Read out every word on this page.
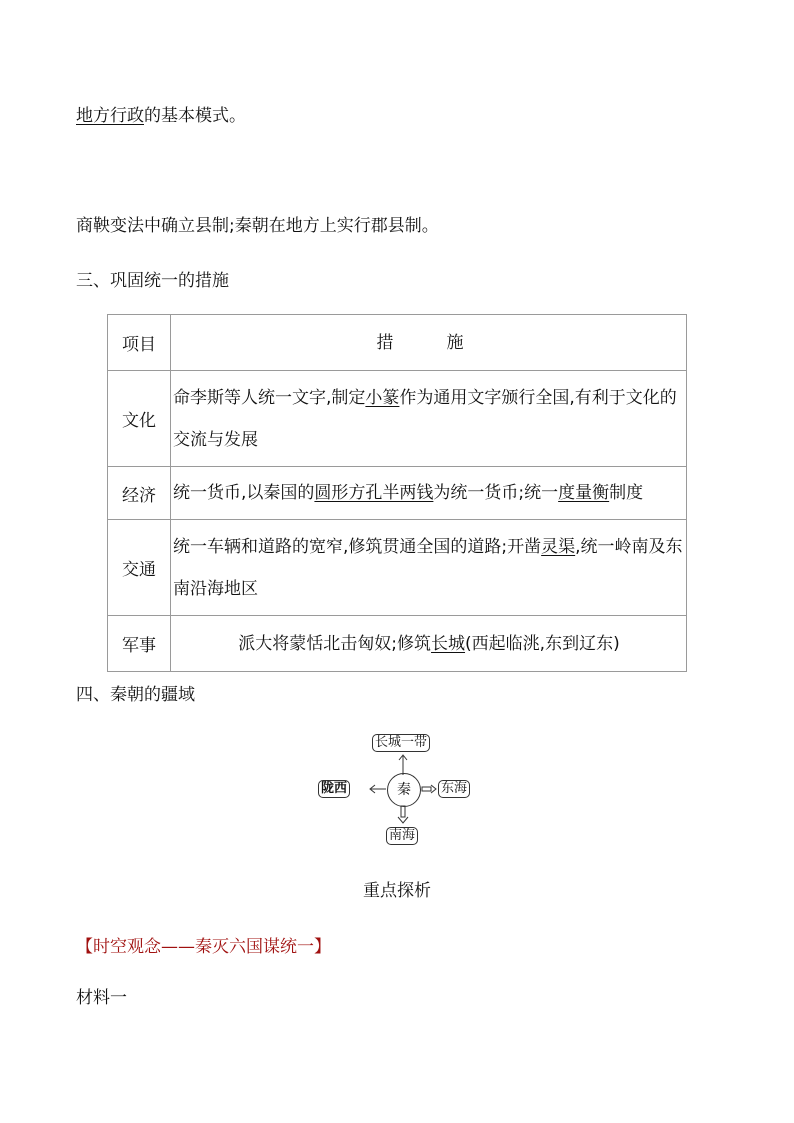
地方行政的基本模式。
商鞅变法中确立县制;秦朝在地方上实行郡县制。
三、巩固统一的措施
项目	措　施
文化	命李斯等人统一文字,制定小篆作为通用文字颁行全国,有利于文化的交流与发展
经济	统一货币,以秦国的圆形方孔半两钱为统一货币;统一度量衡制度
交通	统一车辆和道路的宽窄,修筑贯通全国的道路;开凿灵渠,统一岭南及东南沿海地区
军事	派大将蒙恬北击匈奴;修筑长城(西起临洮,东到辽东)
四、秦朝的疆域
长城一带
陇西	秦	东海
南海
重点探析
【时空观念——秦灭六国谋统一】
材料一
